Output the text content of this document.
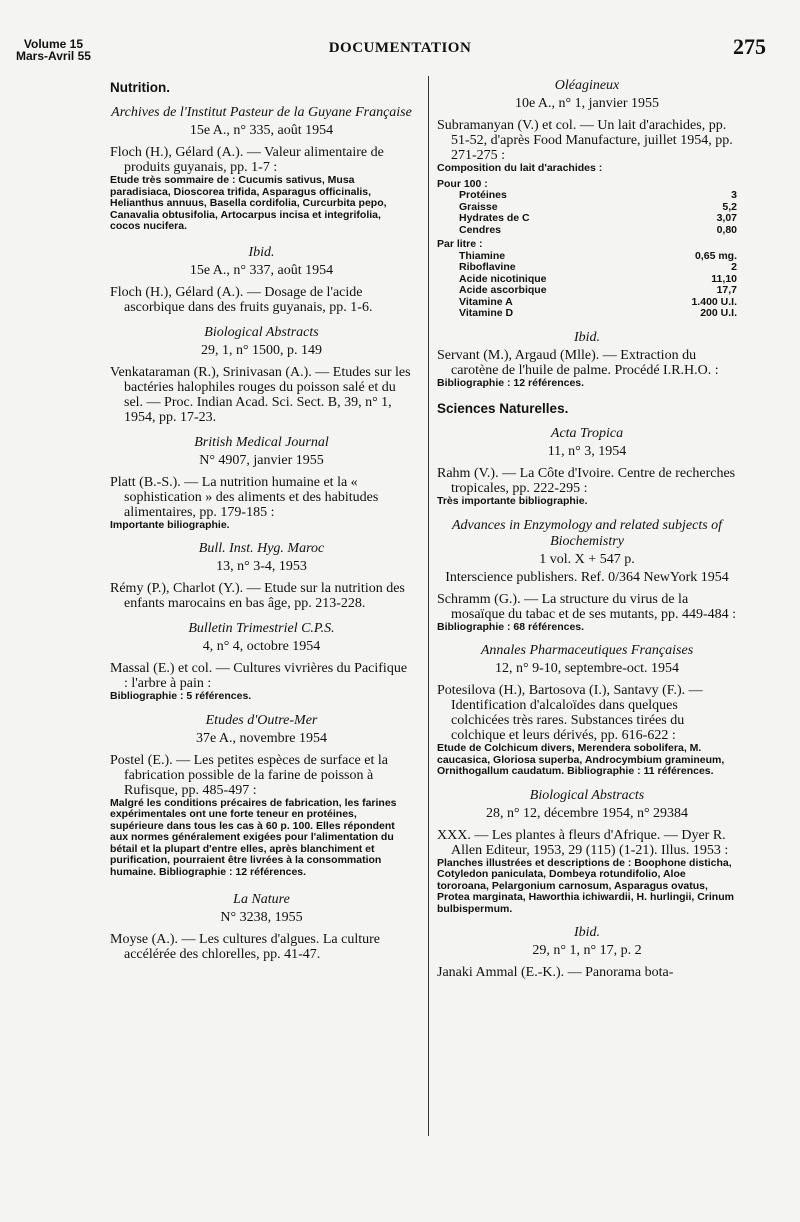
Volume 15
Mars-Avril 55	DOCUMENTATION	275
Nutrition.
Archives de l'Institut Pasteur de la Guyane Française
15e A., n° 335, août 1954

Floch (H.), Gélard (A.). — Valeur alimentaire de produits guyanais, pp. 1-7 :

Etude très sommaire de : Cucumis sativus, Musa paradisiaca, Dioscorea trifida, Asparagus officinalis, Helianthus annuus, Basella cordifolia, Curcurbita pepo, Canavalia obtusifolia, Artocarpus incisa et integrifolia, cocos nucifera.

Ibid.
15e A., n° 337, août 1954

Floch (H.), Gélard (A.). — Dosage de l'acide ascorbique dans des fruits guyanais, pp. 1-6.

Biological Abstracts
29, 1, n° 1500, p. 149

Venkataraman (R.), Srinivasan (A.). — Etudes sur les bactéries halophiles rouges du poisson salé et du sel. — Proc. Indian Acad. Sci. Sect. B, 39, n° 1, 1954, pp. 17-23.

British Medical Journal
N° 4907, janvier 1955

Platt (B.-S.). — La nutrition humaine et la « sophistication » des aliments et des habitudes alimentaires, pp. 179-185 :

Importante biliographie.

Bull. Inst. Hyg. Maroc
13, n° 3-4, 1953

Rémy (P.), Charlot (Y.). — Etude sur la nutrition des enfants marocains en bas âge, pp. 213-228.

Bulletin Trimestriel C.P.S.
4, n° 4, octobre 1954

Massal (E.) et col. — Cultures vivrières du Pacifique : l'arbre à pain :

Bibliographie : 5 références.

Etudes d'Outre-Mer
37e A., novembre 1954

Postel (E.). — Les petites espèces de surface et la fabrication possible de la farine de poisson à Rufisque, pp. 485-497 :

Malgré les conditions précaires de fabrication, les farines expérimentales ont une forte teneur en protéines, supérieure dans tous les cas à 60 p. 100. Elles répondent aux normes généralement exigées pour l'alimentation du bétail et la plupart d'entre elles, après blanchiment et purification, pourraient être livrées à la consommation humaine. Bibliographie : 12 références.

La Nature
N° 3238, 1955

Moyse (A.). — Les cultures d'algues. La culture accélérée des chlorelles, pp. 41-47.

Oléagineux
10e A., n° 1, janvier 1955

Subramanyan (V.) et col. — Un lait d'arachides, pp. 51-52, d'après Food Manufacture, juillet 1954, pp. 271-275 :

Composition du lait d'arachides :

Pour 100 :
Protéines	3
Graisse	5,2
Hydrates de C	3,07
Cendres	0,80
Par litre :
Thiamine	0,65 mg.
Riboflavine	2
Acide nicotinique	11,10
Acide ascorbique	17,7
Vitamine A	1.400 U.I.
Vitamine D	200 U.I.
Ibid.

Servant (M.), Argaud (Mlle). — Extraction du carotène de l'huile de palme. Procédé I.R.H.O. :

Bibliographie : 12 références.

Sciences Naturelles.
Acta Tropica
11, n° 3, 1954

Rahm (V.). — La Côte d'Ivoire. Centre de recherches tropicales, pp. 222-295 :

Très importante bibliographie.

Advances in Enzymology and related subjects of Biochemistry
1 vol. X + 547 p.
Interscience publishers. Ref. 0/364 NewYork 1954

Schramm (G.). — La structure du virus de la mosaïque du tabac et de ses mutants, pp. 449-484 :

Bibliographie : 68 références.

Annales Pharmaceutiques Françaises
12, n° 9-10, septembre-oct. 1954

Potesilova (H.), Bartosova (I.), Santavy (F.). — Identification d'alcaloïdes dans quelques colchicées très rares. Substances tirées du colchique et leurs dérivés, pp. 616-622 :

Etude de Colchicum divers, Merendera sobolifera, M. caucasica, Gloriosa superba, Androcymbium gramineum, Ornithogallum caudatum. Bibliographie : 11 références.

Biological Abstracts
28, n° 12, décembre 1954, n° 29384

XXX. — Les plantes à fleurs d'Afrique. — Dyer R. Allen Editeur, 1953, 29 (115) (1-21). Illus. 1953 :

Planches illustrées et descriptions de : Boophone disticha, Cotyledon paniculata, Dombeya rotundifolio, Aloe tororoana, Pelargonium carnosum, Asparagus ovatus, Protea marginata, Haworthia ichiwardii, H. hurlingii, Crinum bulbispermum.

Ibid.
29, n° 1, n° 17, p. 2

Janaki Ammal (E.-K.). — Panorama bota-
